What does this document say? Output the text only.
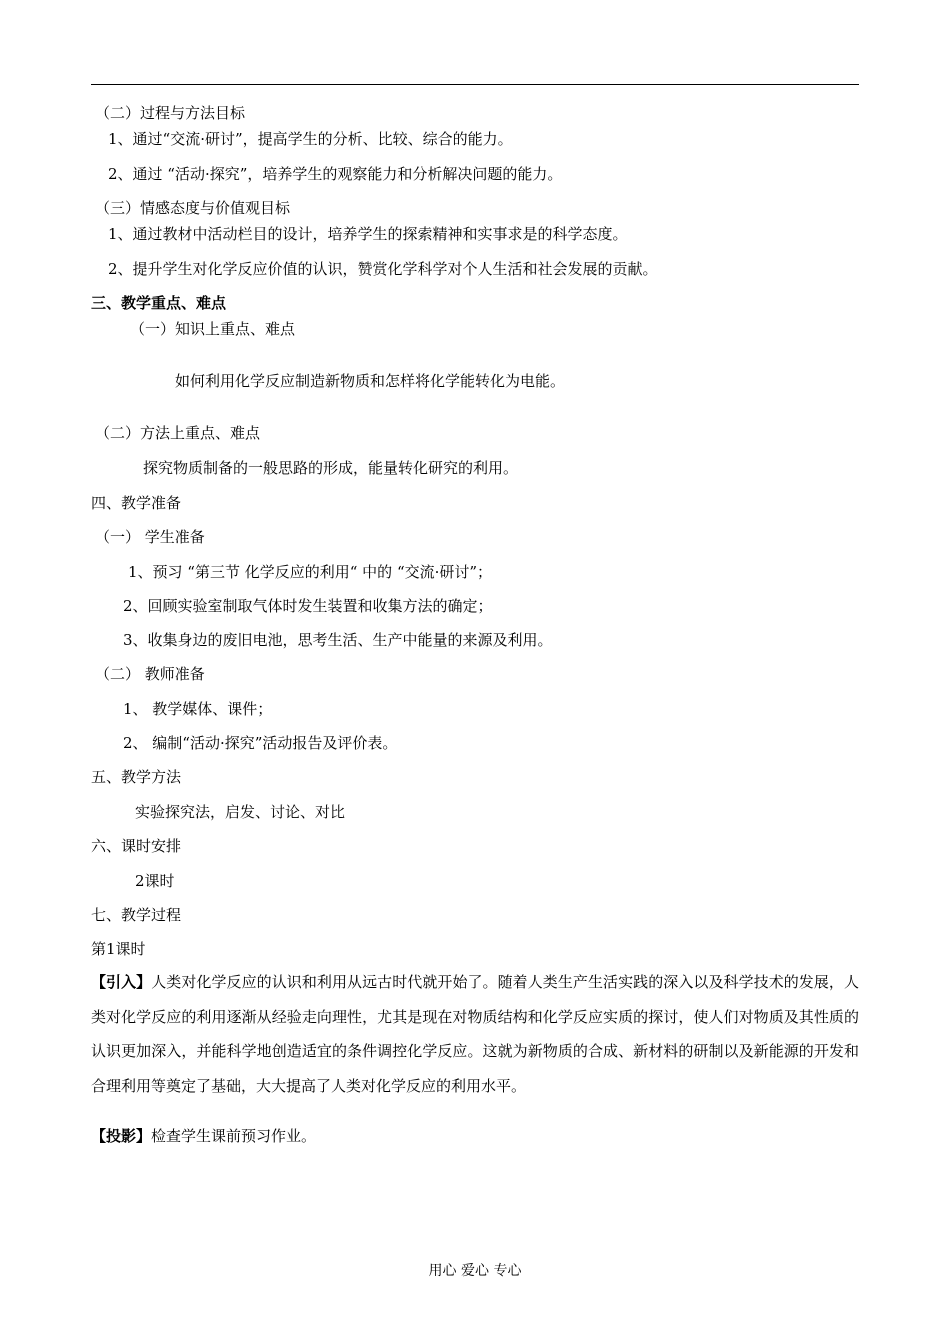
（二）过程与方法目标
1、通过“交流·研讨”，提高学生的分析、比较、综合的能力。
2、通过 “活动·探究”，培养学生的观察能力和分析解决问题的能力。
（三）情感态度与价值观目标
1、通过教材中活动栏目的设计，培养学生的探索精神和实事求是的科学态度。
2、提升学生对化学反应价值的认识，赞赏化学科学对个人生活和社会发展的贡献。
三、教学重点、难点
（一）知识上重点、难点
如何利用化学反应制造新物质和怎样将化学能转化为电能。
（二）方法上重点、难点
探究物质制备的一般思路的形成，能量转化研究的利用。
四、教学准备
（一） 学生准备
1、预习 “第三节 化学反应的利用“ 中的 “交流·研讨”；
2、回顾实验室制取气体时发生装置和收集方法的确定；
3、收集身边的废旧电池，思考生活、生产中能量的来源及利用。
（二） 教师准备
1、 教学媒体、课件；
2、 编制“活动·探究”活动报告及评价表。
五、教学方法
实验探究法，启发、讨论、对比
六、课时安排
2课时
七、教学过程
第1课时
【引入】人类对化学反应的认识和利用从远古时代就开始了。随着人类生产生活实践的深入以及科学技术的发展，人类对化学反应的利用逐渐从经验走向理性，尤其是现在对物质结构和化学反应实质的探讨，使人们对物质及其性质的认识更加深入，并能科学地创造适宜的条件调控化学反应。这就为新物质的合成、新材料的研制以及新能源的开发和合理利用等奠定了基础，大大提高了人类对化学反应的利用水平。
【投影】检查学生课前预习作业。
用心 爱心 专心
